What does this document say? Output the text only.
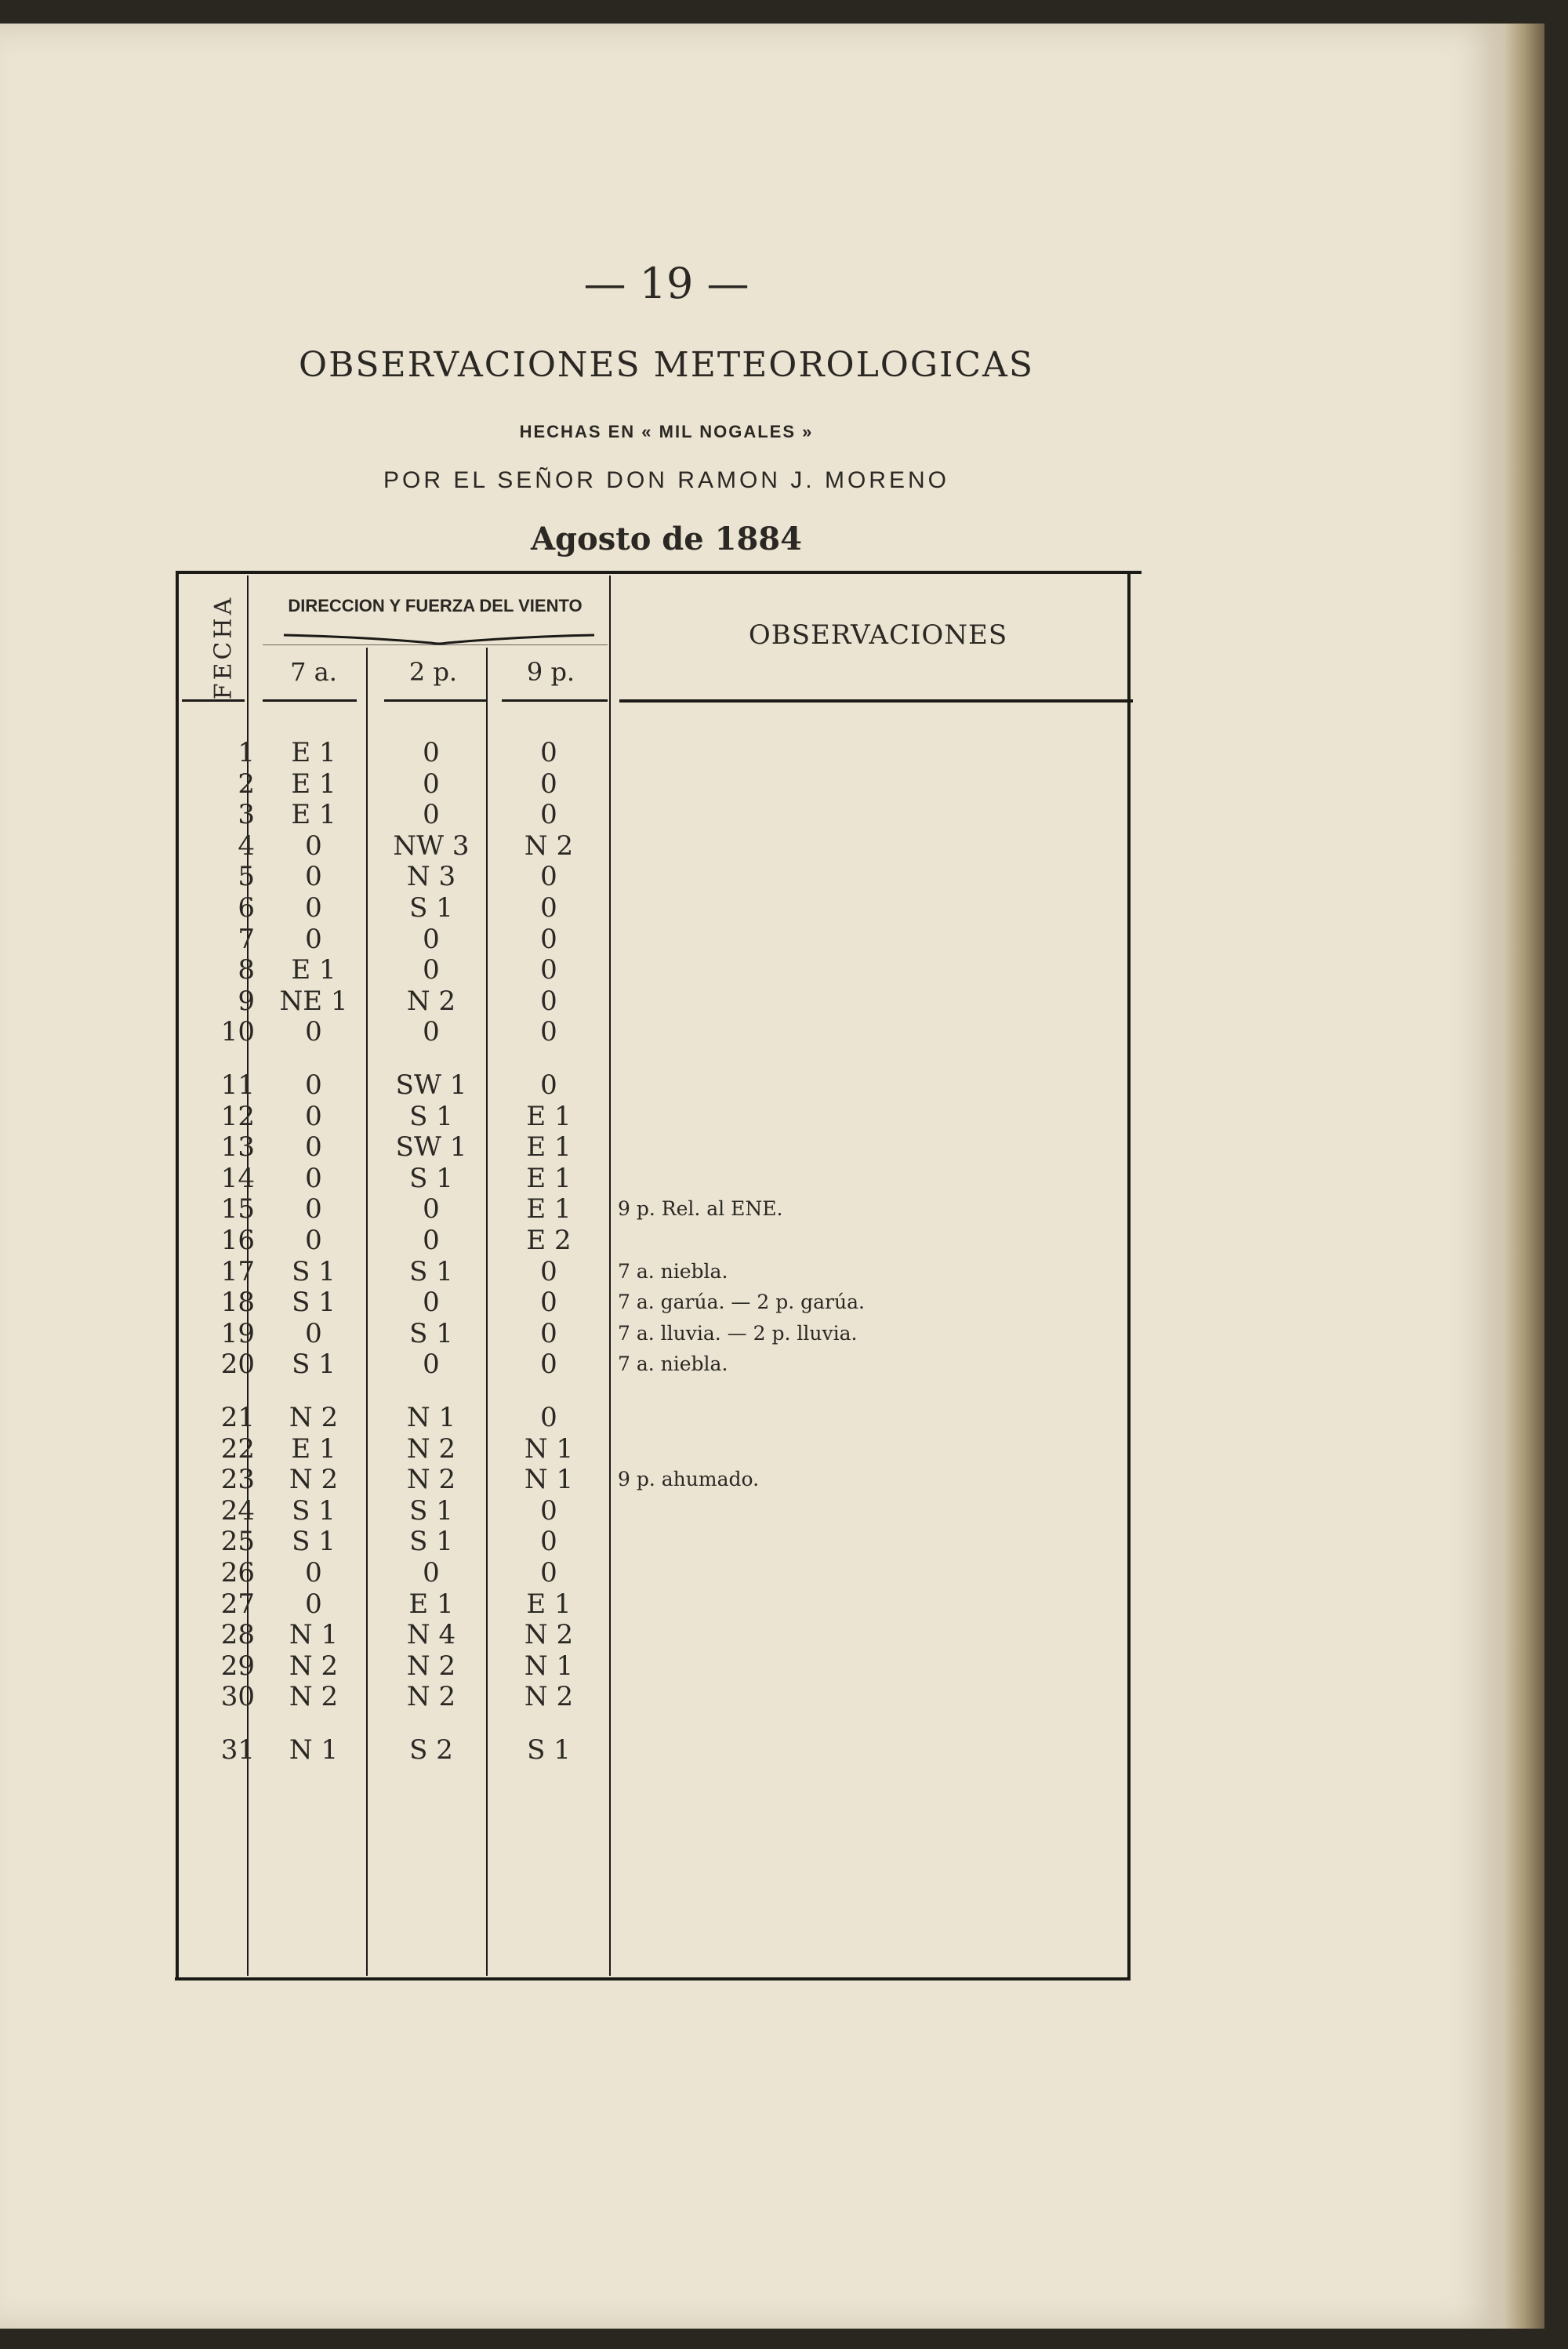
— 19 —
OBSERVACIONES METEOROLOGICAS
HECHAS EN « MIL NOGALES »
POR EL SEÑOR DON RAMON J. MORENO
Agosto de 1884
FECHA	DIRECCION Y FUERZA DEL VIENTO
7 a.	2 p.	9 p.
OBSERVACIONES
1	E 1	0	0
2	E 1	0	0
3	E 1	0	0
4	0	NW 3	N 2
5	0	N 3	0
6	0	S 1	0
7	0	0	0
8	E 1	0	0
9 NE 1	N 2	0
10	0	0	0
11	0	SW 1	0
12	0	S 1	E 1
13	0	SW 1	E 1
14	0	S 1	E 1
15	0	0	E 1	9 p. Rel. al ENE.
16	0	0	E 2
17	S 1	S 1	0	7 a. niebla.
18	S 1	0	0	7 a. garúa. — 2 p. garúa.
19	0	S 1	0	7 a. lluvia. — 2 p. lluvia.
20	S 1	0	0	7 a. niebla.
21	N 2	N 1	0
22	E 1	N 2	N 1
23	N 2	N 2	N 1	9 p. ahumado.
24	S 1	S 1	0
25	S 1	S 1	0
26	0	0	0
27	0	E 1	E 1
28	N 1	N 4	N 2
29	N 2	N 2	N 1
30	N 2	N 2	N 2
31	N 1	S 2	S 1
